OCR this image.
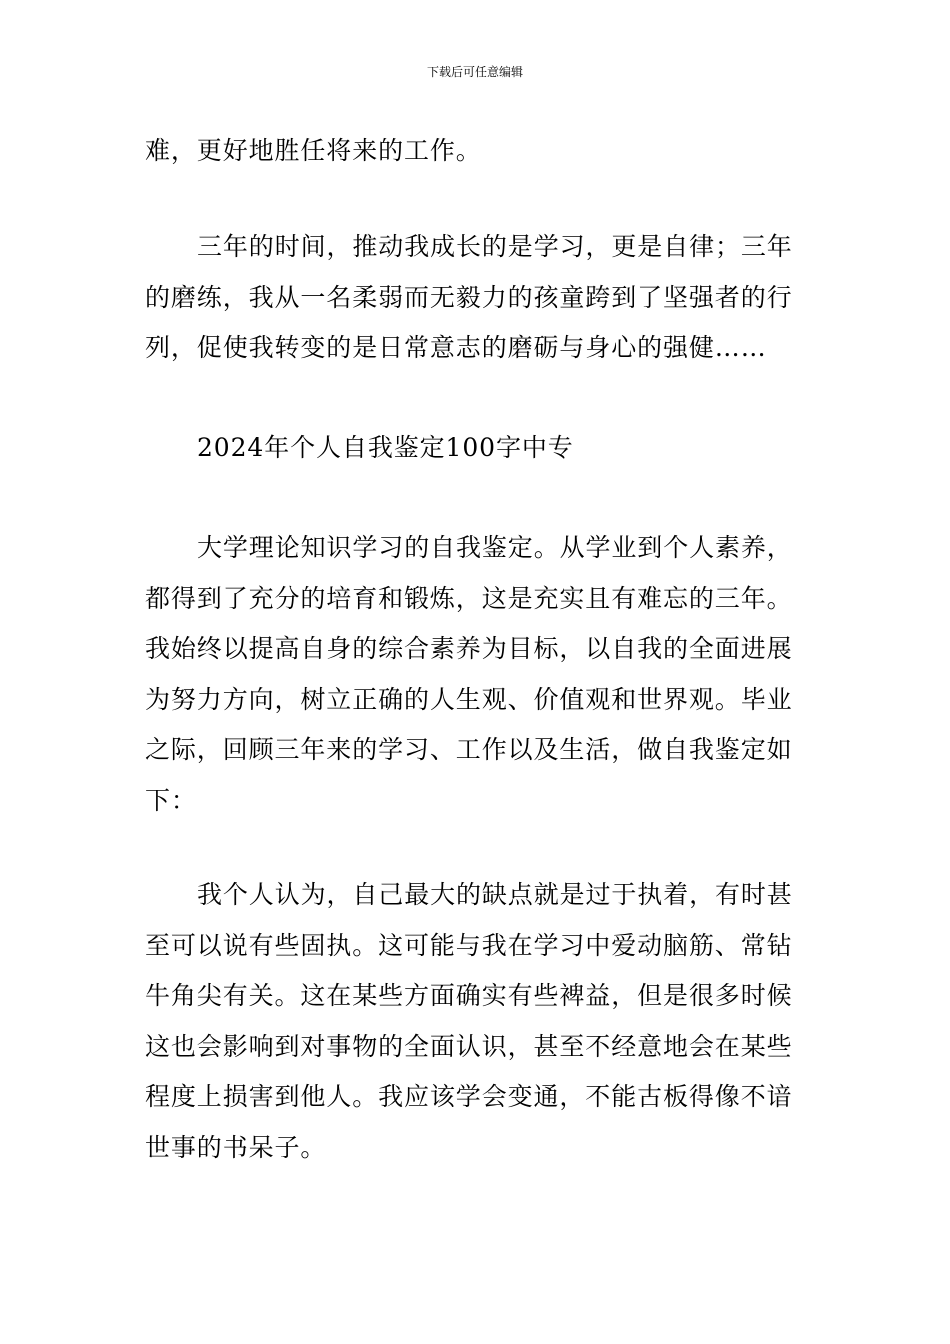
下载后可任意编辑

难，更好地胜任将来的工作。

三年的时间，推动我成长的是学习，更是自律；三年的磨练，我从一名柔弱而无毅力的孩童跨到了坚强者的行列，促使我转变的是日常意志的磨砺与身心的强健……

2024年个人自我鉴定100字中专

大学理论知识学习的自我鉴定。从学业到个人素养，都得到了充分的培育和锻炼，这是充实且有难忘的三年。我始终以提高自身的综合素养为目标，以自我的全面进展为努力方向，树立正确的人生观、价值观和世界观。毕业之际，回顾三年来的学习、工作以及生活，做自我鉴定如下：

我个人认为，自己最大的缺点就是过于执着，有时甚至可以说有些固执。这可能与我在学习中爱动脑筋、常钻牛角尖有关。这在某些方面确实有些裨益，但是很多时候这也会影响到对事物的全面认识，甚至不经意地会在某些程度上损害到他人。我应该学会变通，不能古板得像不谙世事的书呆子。
